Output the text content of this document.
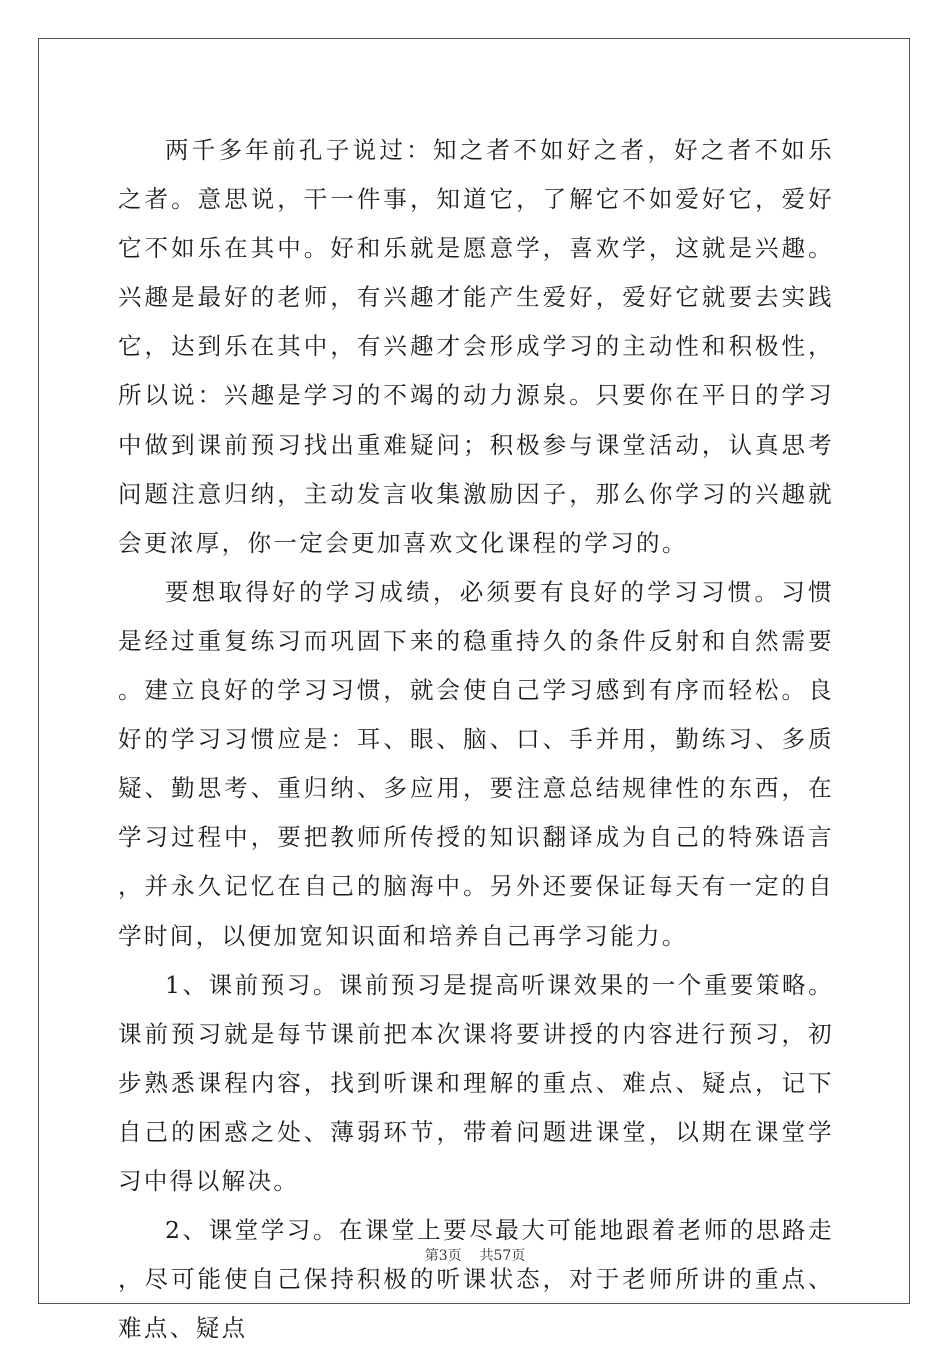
两千多年前孔子说过：知之者不如好之者，好之者不如乐之者。意思说，干一件事，知道它，了解它不如爱好它，爱好它不如乐在其中。好和乐就是愿意学，喜欢学，这就是兴趣。兴趣是最好的老师，有兴趣才能产生爱好，爱好它就要去实践它，达到乐在其中，有兴趣才会形成学习的主动性和积极性，所以说：兴趣是学习的不竭的动力源泉。只要你在平日的学习中做到课前预习找出重难疑问；积极参与课堂活动，认真思考问题注意归纳，主动发言收集激励因子，那么你学习的兴趣就会更浓厚，你一定会更加喜欢文化课程的学习的。

要想取得好的学习成绩，必须要有良好的学习习惯。习惯是经过重复练习而巩固下来的稳重持久的条件反射和自然需要。建立良好的学习习惯，就会使自己学习感到有序而轻松。良好的学习习惯应是：耳、眼、脑、口、手并用，勤练习、多质疑、勤思考、重归纳、多应用，要注意总结规律性的东西，在学习过程中，要把教师所传授的知识翻译成为自己的特殊语言，并永久记忆在自己的脑海中。另外还要保证每天有一定的自学时间，以便加宽知识面和培养自己再学习能力。

1、课前预习。课前预习是提高听课效果的一个重要策略。课前预习就是每节课前把本次课将要讲授的内容进行预习，初步熟悉课程内容，找到听课和理解的重点、难点、疑点，记下自己的困惑之处、薄弱环节，带着问题进课堂，以期在课堂学习中得以解决。

2、课堂学习。在课堂上要尽最大可能地跟着老师的思路走，尽可能使自己保持积极的听课状态，对于老师所讲的重点、难点、疑点

第3页 共57页
